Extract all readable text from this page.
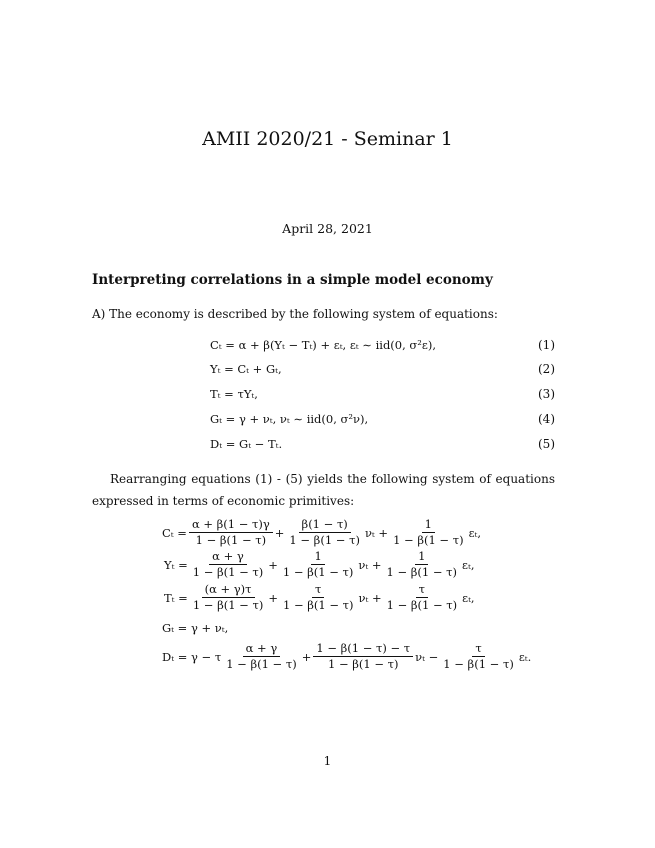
AMII 2020/21 - Seminar 1
April 28, 2021
Interpreting correlations in a simple model economy
A) The economy is described by the following system of equations:
Cₜ = α + β(Yₜ − Tₜ) + εₜ, εₜ ∼ iid(0, σ²ε),	(1)
Yₜ = Cₜ + Gₜ,	(2)
Tₜ = τYₜ,	(3)
Gₜ = γ + νₜ, νₜ ∼ iid(0, σ²ν),	(4)
Dₜ = Gₜ − Tₜ.	(5)
Rearranging equations (1) - (5) yields the following system of equations expressed in terms of economic primitives:
$C_t = \frac{\alpha + \beta(1 - \tau)\gamma}{1 - \beta(1 - \tau)} + \frac{\beta(1 - \tau)}{1 - \beta(1 - \tau)}$ $\nu_t + \frac{1}{1 - \beta(1 - \tau)} \varepsilon_t$,
$Y_t = \frac{\alpha + \gamma}{1 - \beta(1 - \tau)} + \frac{1}{1 - \beta(1 - \tau)}$ $\nu_t + \frac{1}{1 - \beta(1 - \tau)} \varepsilon_t$,
$T_t = \frac{(\alpha + \gamma)\tau}{1 - \beta(1 - \tau)} + \frac{\tau}{1 - \beta(1 - \tau)}$ $\nu_t + \frac{\tau}{1 - \beta(1 - \tau)} \varepsilon_t$,
Gₜ = γ + νₜ,
Dₜ = γ − τ $\frac{\alpha + \gamma}{1 - \beta(1 - \tau)} + \frac{1 - \beta(1 - \tau) - \tau}{1 - \beta(1 - \tau)}$ $\nu_t - \frac{\tau}{1 - \beta(1 - \tau)} \varepsilon_t$.
1
